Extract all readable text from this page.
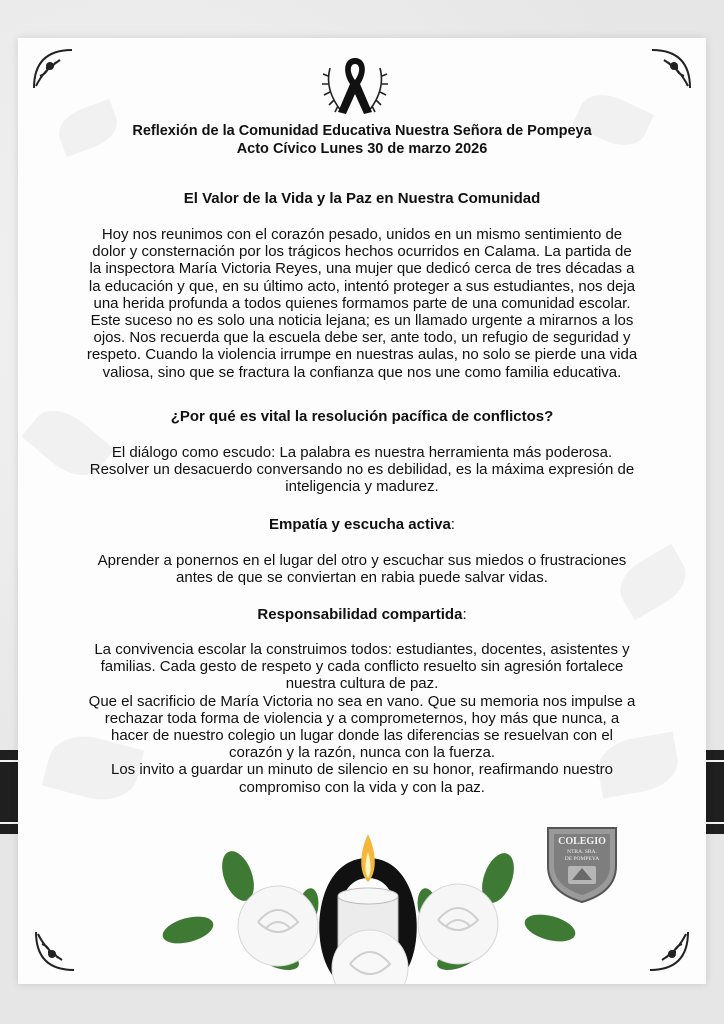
Reflexión de la Comunidad Educativa Nuestra Señora de Pompeya
Acto Cívico Lunes 30 de marzo 2026
El Valor de la Vida y la Paz en Nuestra Comunidad
Hoy nos reunimos con el corazón pesado, unidos en un mismo sentimiento de
dolor y consternación por los trágicos hechos ocurridos en Calama. La partida de
la inspectora María Victoria Reyes, una mujer que dedicó cerca de tres décadas a
la educación y que, en su último acto, intentó proteger a sus estudiantes, nos deja
una herida profunda a todos quienes formamos parte de una comunidad escolar.
Este suceso no es solo una noticia lejana; es un llamado urgente a mirarnos a los
ojos. Nos recuerda que la escuela debe ser, ante todo, un refugio de seguridad y
respeto. Cuando la violencia irrumpe en nuestras aulas, no solo se pierde una vida
valiosa, sino que se fractura la confianza que nos une como familia educativa.
¿Por qué es vital la resolución pacífica de conflictos?
El diálogo como escudo: La palabra es nuestra herramienta más poderosa.
Resolver un desacuerdo conversando no es debilidad, es la máxima expresión de
inteligencia y madurez.
Empatía y escucha activa:
Aprender a ponernos en el lugar del otro y escuchar sus miedos o frustraciones
antes de que se conviertan en rabia puede salvar vidas.
Responsabilidad compartida:
La convivencia escolar la construimos todos: estudiantes, docentes, asistentes y
familias. Cada gesto de respeto y cada conflicto resuelto sin agresión fortalece
nuestra cultura de paz.
Que el sacrificio de María Victoria no sea en vano. Que su memoria nos impulse a
rechazar toda forma de violencia y a comprometernos, hoy más que nunca, a
hacer de nuestro colegio un lugar donde las diferencias se resuelvan con el
corazón y la razón, nunca con la fuerza.
Los invito a guardar un minuto de silencio en su honor, reafirmando nuestro
compromiso con la vida y con la paz.
COLEGIO
NTRA. SRA.
DE POMPEYA
